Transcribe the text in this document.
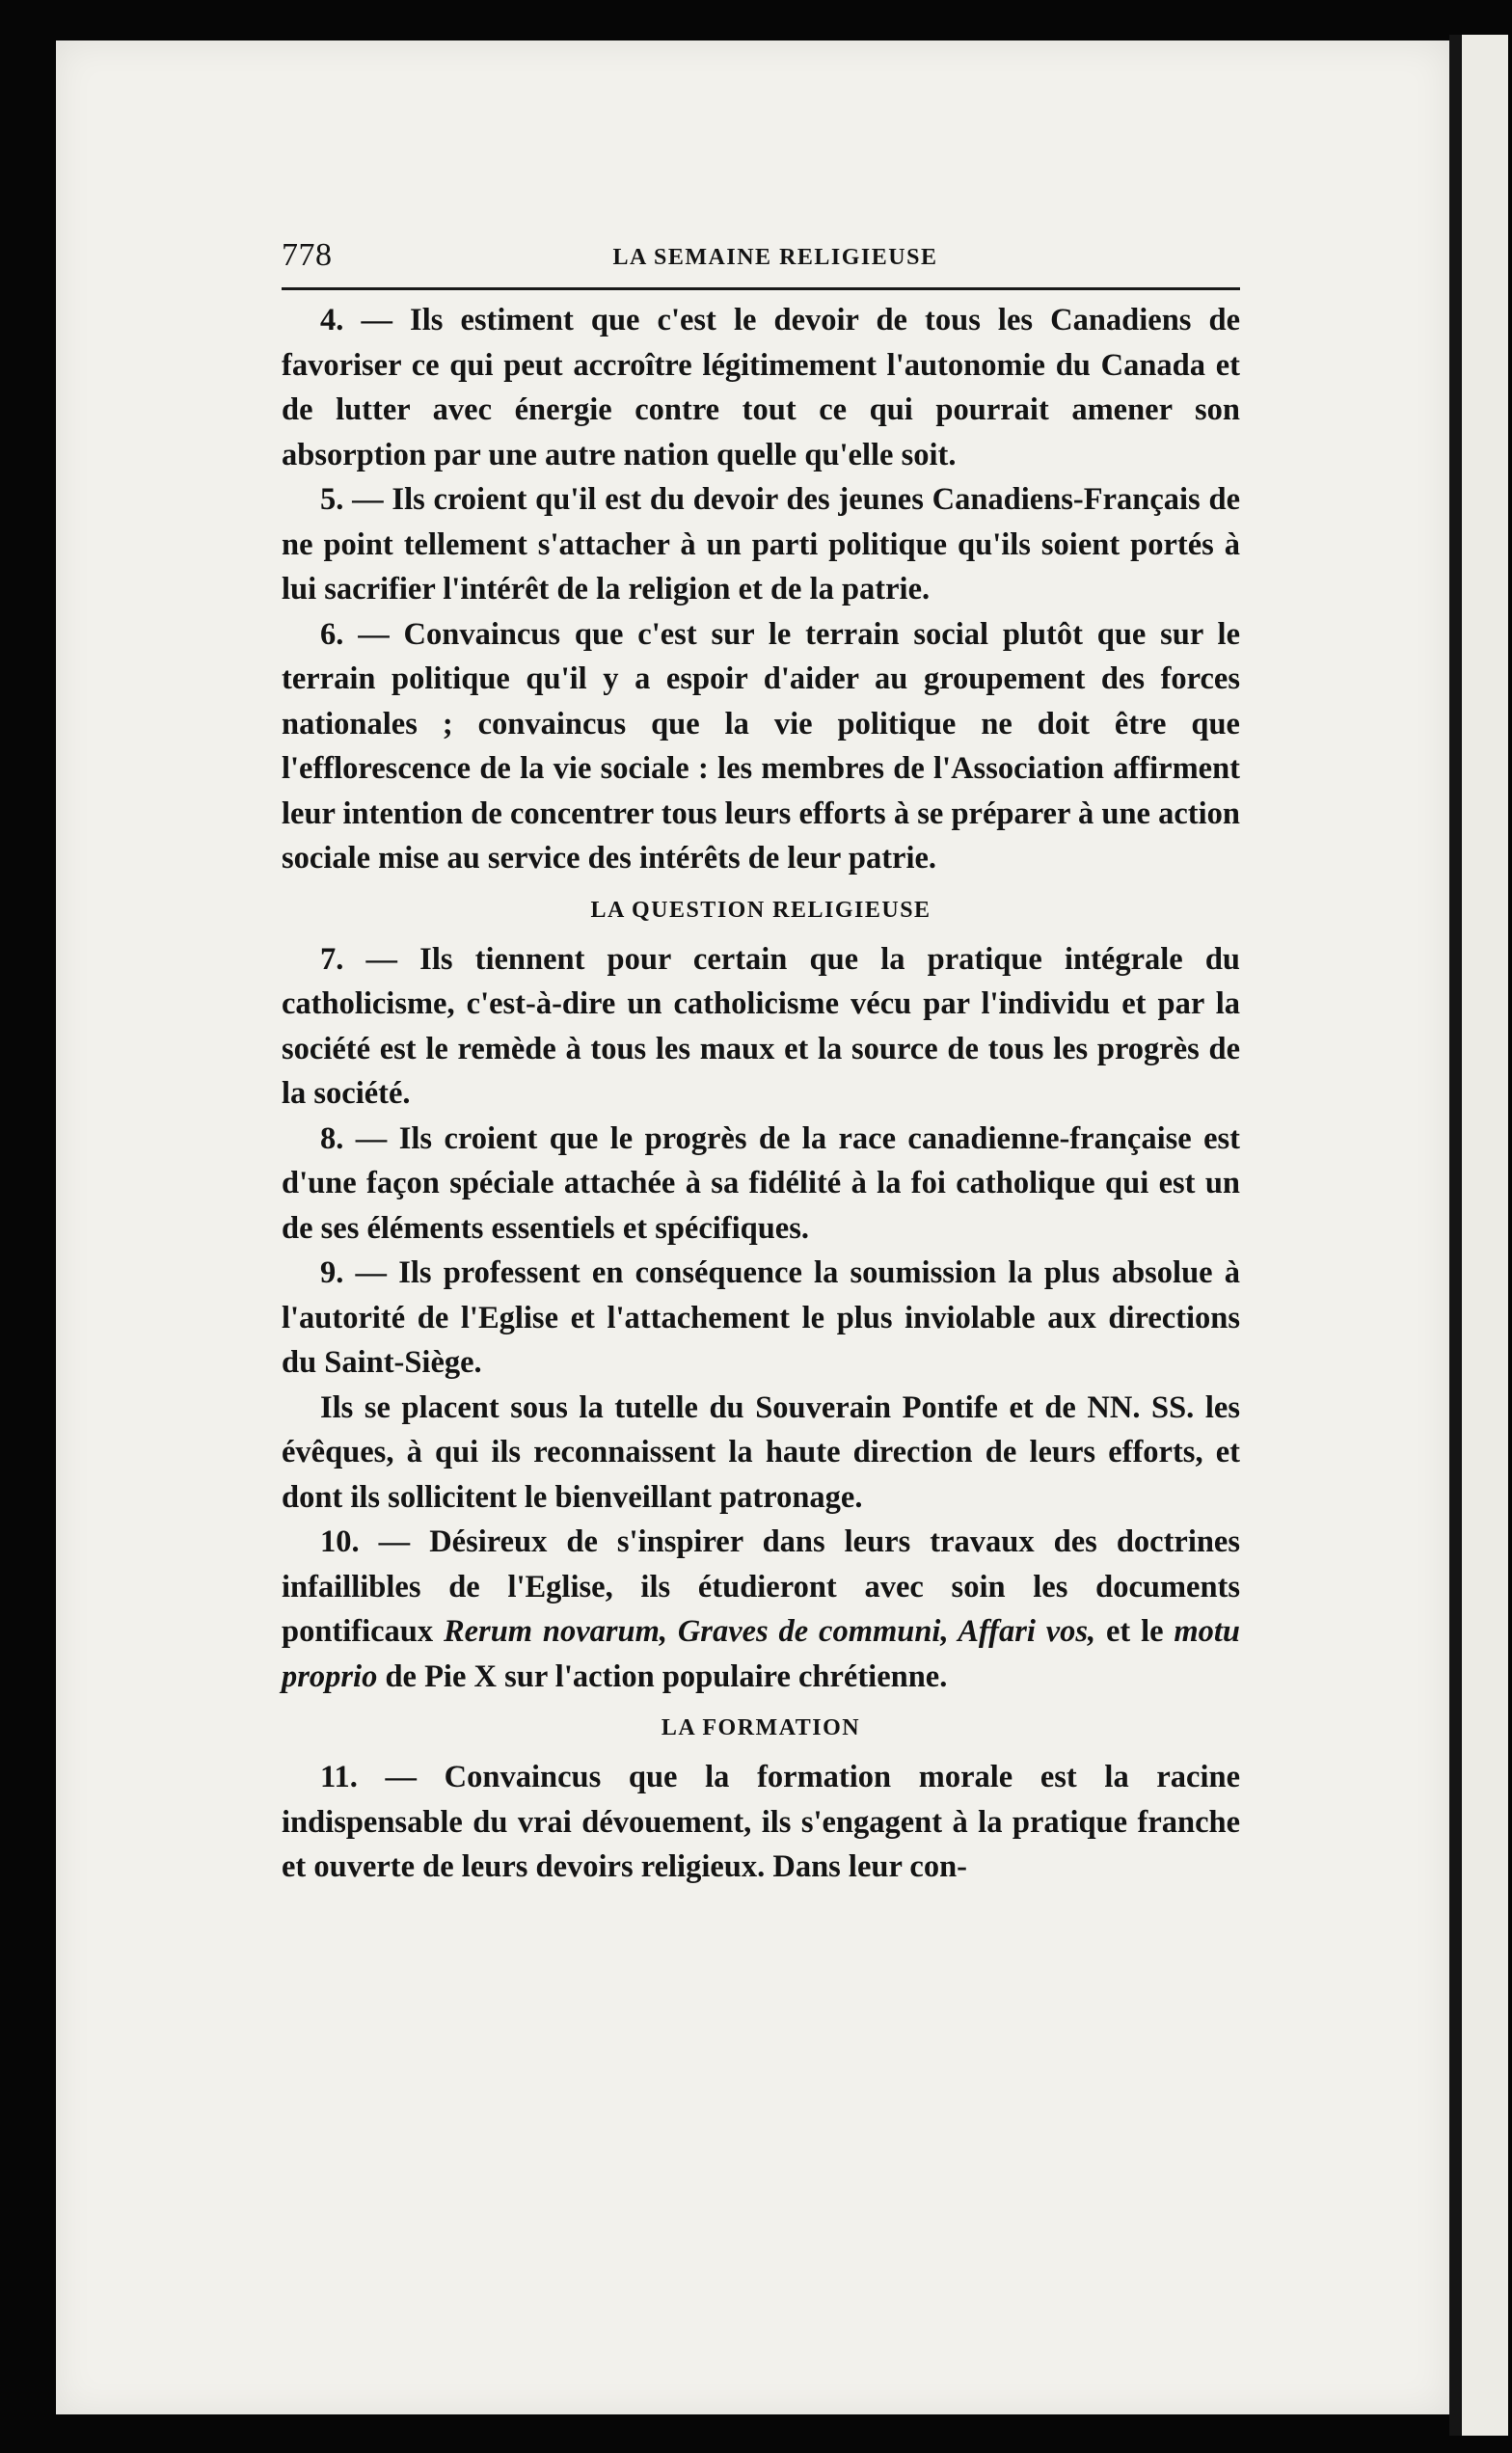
778	LA SEMAINE RELIGIEUSE

4. — Ils estiment que c'est le devoir de tous les Canadiens de favoriser ce qui peut accroître légitimement l'autonomie du Canada et de lutter avec énergie contre tout ce qui pourrait amener son absorption par une autre nation quelle qu'elle soit.

5. — Ils croient qu'il est du devoir des jeunes Canadiens-Français de ne point tellement s'attacher à un parti politique qu'ils soient portés à lui sacrifier l'intérêt de la religion et de la patrie.

6. — Convaincus que c'est sur le terrain social plutôt que sur le terrain politique qu'il y a espoir d'aider au groupement des forces nationales ; convaincus que la vie politique ne doit être que l'efflorescence de la vie sociale : les membres de l'Association affirment leur intention de concentrer tous leurs efforts à se préparer à une action sociale mise au service des intérêts de leur patrie.

LA QUESTION RELIGIEUSE

7. — Ils tiennent pour certain que la pratique intégrale du catholicisme, c'est-à-dire un catholicisme vécu par l'individu et par la société est le remède à tous les maux et la source de tous les progrès de la société.

8. — Ils croient que le progrès de la race canadienne-française est d'une façon spéciale attachée à sa fidélité à la foi catholique qui est un de ses éléments essentiels et spécifiques.

9. — Ils professent en conséquence la soumission la plus absolue à l'autorité de l'Eglise et l'attachement le plus inviolable aux directions du Saint-Siège.

Ils se placent sous la tutelle du Souverain Pontife et de NN. SS. les évêques, à qui ils reconnaissent la haute direction de leurs efforts, et dont ils sollicitent le bienveillant patronage.

10. — Désireux de s'inspirer dans leurs travaux des doctrines infaillibles de l'Eglise, ils étudieront avec soin les documents pontificaux Rerum novarum, Graves de communi, Affari vos, et le motu proprio de Pie X sur l'action populaire chrétienne.

LA FORMATION

11. — Convaincus que la formation morale est la racine indispensable du vrai dévouement, ils s'engagent à la pratique franche et ouverte de leurs devoirs religieux. Dans leur con-
